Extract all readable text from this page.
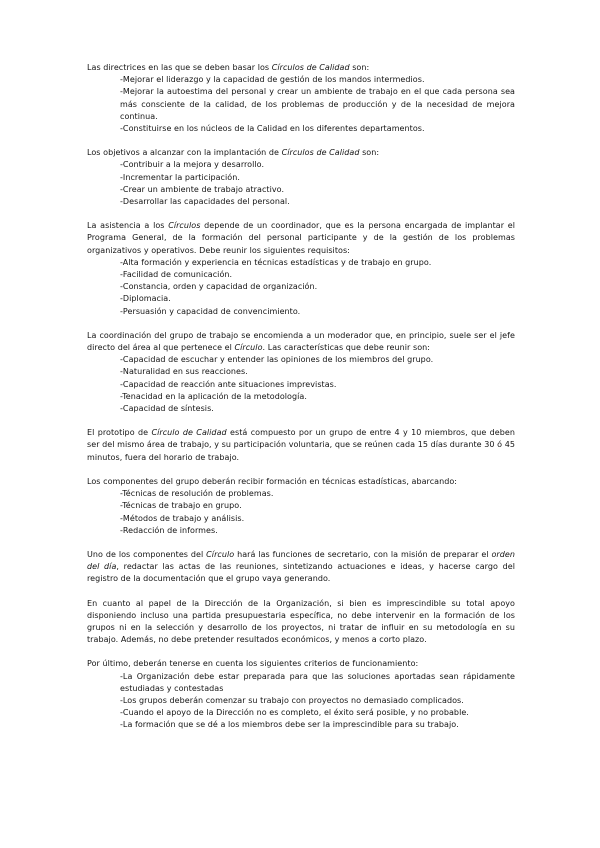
Las directrices en las que se deben basar los Círculos de Calidad son:

-Mejorar el liderazgo y la capacidad de gestión de los mandos intermedios.
-Mejorar la autoestima del personal y crear un ambiente de trabajo en el que cada persona sea más consciente de la calidad, de los problemas de producción y de la necesidad de mejora continua.
-Constituirse en los núcleos de la Calidad en los diferentes departamentos.

Los objetivos a alcanzar con la implantación de Círculos de Calidad son:

-Contribuir a la mejora y desarrollo.
-Incrementar la participación.
-Crear un ambiente de trabajo atractivo.
-Desarrollar las capacidades del personal.

La asistencia a los Círculos depende de un coordinador, que es la persona encargada de implantar el Programa General, de la formación del personal participante y de la gestión de los problemas organizativos y operativos. Debe reunir los siguientes requisitos:

-Alta formación y experiencia en técnicas estadísticas y de trabajo en grupo.
-Facilidad de comunicación.
-Constancia, orden y capacidad de organización.
-Diplomacia.
-Persuasión y capacidad de convencimiento.

La coordinación del grupo de trabajo se encomienda a un moderador que, en principio, suele ser el jefe directo del área al que pertenece el Círculo. Las características que debe reunir son:

-Capacidad de escuchar y entender las opiniones de los miembros del grupo.
-Naturalidad en sus reacciones.
-Capacidad de reacción ante situaciones imprevistas.
-Tenacidad en la aplicación de la metodología.
-Capacidad de síntesis.

El prototipo de Círculo de Calidad está compuesto por un grupo de entre 4 y 10 miembros, que deben ser del mismo área de trabajo, y su participación voluntaria, que se reúnen cada 15 días durante 30 ó 45 minutos, fuera del horario de trabajo.

Los componentes del grupo deberán recibir formación en técnicas estadísticas, abarcando:

-Técnicas de resolución de problemas.
-Técnicas de trabajo en grupo.
-Métodos de trabajo y análisis.
-Redacción de informes.

Uno de los componentes del Círculo hará las funciones de secretario, con la misión de preparar el orden del día, redactar las actas de las reuniones, sintetizando actuaciones e ideas, y hacerse cargo del registro de la documentación que el grupo vaya generando.

En cuanto al papel de la Dirección de la Organización, si bien es imprescindible su total apoyo disponiendo incluso una partida presupuestaria específica, no debe intervenir en la formación de los grupos ni en la selección y desarrollo de los proyectos, ni tratar de influir en su metodología en su trabajo. Además, no debe pretender resultados económicos, y menos a corto plazo.

Por último, deberán tenerse en cuenta los siguientes criterios de funcionamiento:

-La Organización debe estar preparada para que las soluciones aportadas sean rápidamente estudiadas y contestadas
-Los grupos deberán comenzar su trabajo con proyectos no demasiado complicados.
-Cuando el apoyo de la Dirección no es completo, el éxito será posible, y no probable.
-La formación que se dé a los miembros debe ser la imprescindible para su trabajo.
